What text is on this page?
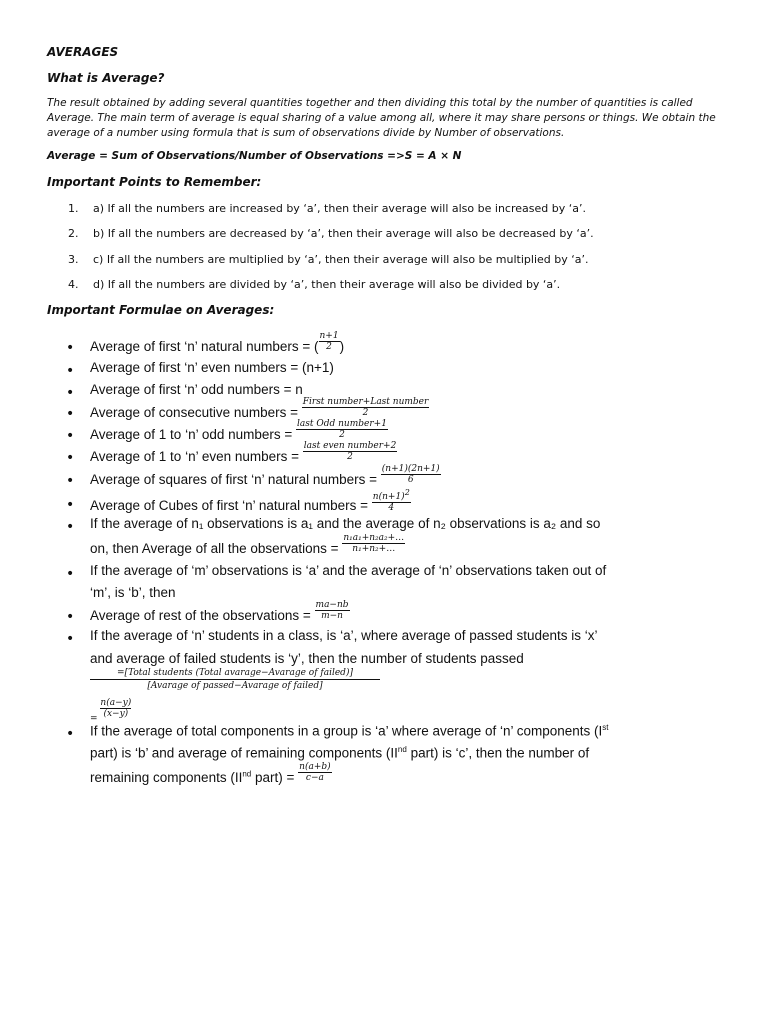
AVERAGES
What is Average?
The result obtained by adding several quantities together and then dividing this total by the number of quantities is called Average. The main term of average is equal sharing of a value among all, where it may share persons or things. We obtain the average of a number using formula that is sum of observations divide by Number of observations.
Average = Sum of Observations/Number of Observations =>S = A × N
Important Points to Remember:
1. a) If all the numbers are increased by ‘a’, then their average will also be increased by ‘a’.
2. b) If all the numbers are decreased by ‘a’, then their average will also be decreased by ‘a’.
3. c) If all the numbers are multiplied by ‘a’, then their average will also be multiplied by ‘a’.
4. d) If all the numbers are divided by ‘a’, then their average will also be divided by ‘a’.
Important Formulae on Averages:
• Average of first ‘n’ natural numbers = ( $\frac{n+1}{2}$ )
• Average of first ‘n’ even numbers = (n+1)
• Average of first ‘n’ odd numbers = n
• Average of consecutive numbers = $\frac{\text{First number+Last number}}{2}$
• Average of 1 to ‘n’ odd numbers = $\frac{\text{last Odd number+1}}{2}$
• Average of 1 to ‘n’ even numbers = $\frac{\text{last even number+2}}{2}$
• Average of squares of first ‘n’ natural numbers = $\frac{(n+1)(2n+1)}{6}$
• Average of Cubes of first ‘n’ natural numbers = $\frac{n(n+1)^2}{4}$
• If the average of n₁ observations is a₁ and the average of n₂ observations is a₂ and so
on, then Average of all the observations = $\frac{\text{n₁a₁+n₂a₂+…}}{\text{n₁+n₂+…}}$
• If the average of ‘m’ observations is ‘a’ and the average of ‘n’ observations taken out of
‘m’, is ‘b’, then
• Average of rest of the observations = $\frac{ma-nb}{m-n}$
• If the average of ‘n’ students in a class, is ‘a’, where average of passed students is ‘x’
and average of failed students is ‘y’, then the number of students passed
=[Total students (Total avarage−Avarage of failed)]
[Avarage of passed−Avarage of failed]
= $\frac{n(a-y)}{(x-y)}$
• If the average of total components in a group is ‘a’ where average of ‘n’ components (Ist
part) is ‘b’ and average of remaining components (IInd part) is ‘c’, then the number of
remaining components (IInd part) = $\frac{n(a+b)}{c-a}$
